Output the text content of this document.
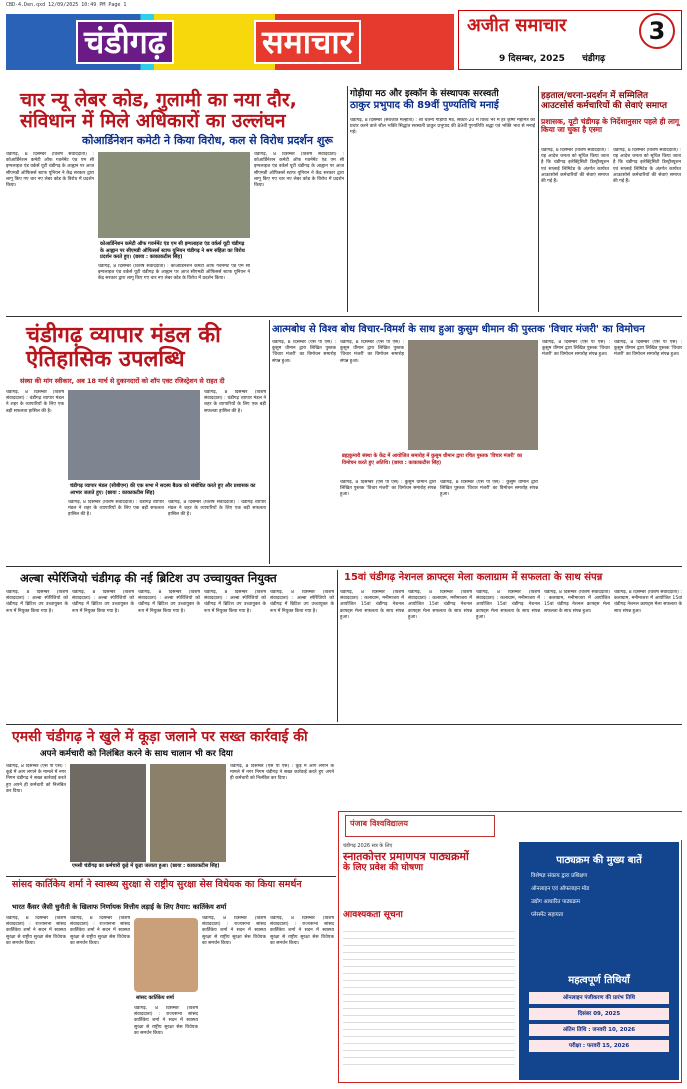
CBD-4.Den.qxd 12/09/2025 10:49 PM Page 1
चंडीगढ़	समाचार	अजीत समाचार	3
9 दिसम्बर, 2025 चंडीगढ़
चार न्यू लेबर कोड, गुलामी का नया दौर,
संविधान में मिले अधिकारों का उल्लंघन
कोआर्डिनेशन कमेटी ने किया विरोध, कल से विरोध प्रदर्शन शुरू
चंडीगढ़, 8 दिसम्बर (विशेष संवाददाता) : कोआर्डिनेशन कमेटी ऑफ गवर्नमेंट एंड एम सी इम्पलाइज एंड वर्कर्स यूटी चंडीगढ़ के आह्वान पर आज सीएमडी ऑफिसर्स स्टाफ यूनियन ने केंद्र सरकार द्वारा लागू किए गए चार नए लेबर कोड के विरोध में प्रदर्शन किया।
कोआर्डिनेशन कमेटी ऑफ गवर्नमेंट एंड एम सी इम्पलाइज एंड वर्कर्स यूटी चंडीगढ़ के आह्वान पर सीएमडी ऑफिसर्स स्टाफ यूनियन चंडीगढ़ ने श्रम संहिता का विरोध प्रदर्शन करते हुए। (छाया : काकाकटीस सिंह)
चंडीगढ़, 8 दिसम्बर (विशेष संवाददाता) : कोआर्डिनेशन कमेटी ऑफ गवर्नमेंट एंड एम सी इम्पलाइज एंड वर्कर्स यूटी चंडीगढ़ के आह्वान पर आज सीएमडी ऑफिसर्स स्टाफ यूनियन ने केंद्र सरकार द्वारा लागू किए गए चार नए लेबर कोड के विरोध में प्रदर्शन किया।
चंडीगढ़, 8 दिसम्बर (विशेष संवाददाता) : कोआर्डिनेशन कमेटी ऑफ गवर्नमेंट एंड एम सी इम्पलाइज एंड वर्कर्स यूटी चंडीगढ़ के आह्वान पर आज सीएमडी ऑफिसर्स स्टाफ यूनियन ने केंद्र सरकार द्वारा लागू किए गए चार नए लेबर कोड के विरोध में प्रदर्शन किया।
गोड़ीया मठ और इस्कॉन के संस्थापक सरस्वती
ठाकुर प्रभुपाद की 89वीं पुण्यतिथि मनाई
चंडीगढ़, 8 दिसम्बर (सर्वजीत मल्होत्रा) : श्री चैतन्य गौड़ीया मठ, सेक्टर-20 में विश्व भर में हरे कृष्ण महामंत्र का प्रचार करने वाले श्रील भक्ति सिद्धांत सरस्वती ठाकुर प्रभुपाद की 89वीं पुण्यतिथि श्रद्धा एवं भक्ति भाव से मनाई गई।
हड़ताल/धरना-प्रदर्शन में सम्मिलित
आउटसोर्स कर्मचारियों की सेवाएं समाप्त
प्रशासक, यूटी चंडीगढ़ के निर्देशानुसार पहले ही लागू किया जा चुका है एस्मा
चंडीगढ़, 8 दिसम्बर (विशेष संवाददाता) : यह आदेश जनता को सूचित किया जाता है कि चंडीगढ़ इलेक्ट्रिसिटी डिस्ट्रीब्यूशन एवं सप्लाई लिमिटेड के अंतर्गत कार्यरत आउटसोर्स कर्मचारियों की सेवाएं समाप्त की गई हैं।
चंडीगढ़, 8 दिसम्बर (विशेष संवाददाता) : यह आदेश जनता को सूचित किया जाता है कि चंडीगढ़ इलेक्ट्रिसिटी डिस्ट्रीब्यूशन एवं सप्लाई लिमिटेड के अंतर्गत कार्यरत आउटसोर्स कर्मचारियों की सेवाएं समाप्त की गई हैं।
चंडीगढ़ व्यापार मंडल की
ऐतिहासिक उपलब्धि
संस्था की मांग स्वीकार, अब 18 मार्च से दुकानदारों को शॉप एक्ट रजिस्ट्रेशन से राहत दी
चंडीगढ़, 8 दिसम्बर (विशेष संवाददाता) : चंडीगढ़ व्यापार मंडल ने शहर के व्यापारियों के लिए एक बड़ी सफलता हासिल की है।
चंडीगढ़, 8 दिसम्बर (विशेष संवाददाता) : चंडीगढ़ व्यापार मंडल ने शहर के व्यापारियों के लिए एक बड़ी सफलता हासिल की है।
चंडीगढ़ व्यापार मंडल (सीबीएम) की एक सभा में सदस्य बैठक को संबोधित करते हुए और प्रशासक का आभार जताते हुए। (छाया : काकाकटीस सिंह)
चंडीगढ़, 8 दिसम्बर (विशेष संवाददाता) : चंडीगढ़ व्यापार मंडल ने शहर के व्यापारियों के लिए एक बड़ी सफलता हासिल की है।
चंडीगढ़, 8 दिसम्बर (विशेष संवाददाता) : चंडीगढ़ व्यापार मंडल ने शहर के व्यापारियों के लिए एक बड़ी सफलता हासिल की है।
आत्मबोध से विश्व बोध विचार-विमर्श के साथ हुआ कुसुम धीमान की पुस्तक 'विचार मंजरी' का विमोचन
चंडीगढ़, 8 दिसम्बर (एस पी एस) : कुसुम धीमान द्वारा लिखित पुस्तक 'विचार मंजरी' का विमोचन समारोह संपन्न हुआ।
चंडीगढ़, 8 दिसम्बर (एस पी एस) : कुसुम धीमान द्वारा लिखित पुस्तक 'विचार मंजरी' का विमोचन समारोह संपन्न हुआ।
ब्रह्मकुमारी संस्था के केंद्र में आयोजित समारोह में कुसुम धीमान द्वारा रचित पुस्तक 'विचार मंजरी' का विमोचन करते हुए अतिथि। (छाया : काकाकटीस सिंह)
चंडीगढ़, 8 दिसम्बर (एस पी एस) : कुसुम धीमान द्वारा लिखित पुस्तक 'विचार मंजरी' का विमोचन समारोह संपन्न हुआ।
चंडीगढ़, 8 दिसम्बर (एस पी एस) : कुसुम धीमान द्वारा लिखित पुस्तक 'विचार मंजरी' का विमोचन समारोह संपन्न हुआ।
चंडीगढ़, 8 दिसम्बर (एस पी एस) : कुसुम धीमान द्वारा लिखित पुस्तक 'विचार मंजरी' का विमोचन समारोह संपन्न हुआ।
चंडीगढ़, 8 दिसम्बर (एस पी एस) : कुसुम धीमान द्वारा लिखित पुस्तक 'विचार मंजरी' का विमोचन समारोह संपन्न हुआ।
अल्बा स्पेरिंजियो चंडीगढ़ की नई ब्रिटिश उप उच्चायुक्त नियुक्त
चंडीगढ़, 8 दिसम्बर (विशेष संवाददाता) : अल्बा स्पेरिंजियो को चंडीगढ़ में ब्रिटिश उप उच्चायुक्त के रूप में नियुक्त किया गया है।
चंडीगढ़, 8 दिसम्बर (विशेष संवाददाता) : अल्बा स्पेरिंजियो को चंडीगढ़ में ब्रिटिश उप उच्चायुक्त के रूप में नियुक्त किया गया है।
चंडीगढ़, 8 दिसम्बर (विशेष संवाददाता) : अल्बा स्पेरिंजियो को चंडीगढ़ में ब्रिटिश उप उच्चायुक्त के रूप में नियुक्त किया गया है।
चंडीगढ़, 8 दिसम्बर (विशेष संवाददाता) : अल्बा स्पेरिंजियो को चंडीगढ़ में ब्रिटिश उप उच्चायुक्त के रूप में नियुक्त किया गया है।
चंडीगढ़, 8 दिसम्बर (विशेष संवाददाता) : अल्बा स्पेरिंजियो को चंडीगढ़ में ब्रिटिश उप उच्चायुक्त के रूप में नियुक्त किया गया है।
15वां चंडीगढ़ नेशनल क्राफ्ट्स मेला कलाग्राम में सफलता के साथ संपन्न
चंडीगढ़, 8 दिसम्बर (विशेष संवाददाता) : कलाग्राम, मनीमाजरा में आयोजित 15वां चंडीगढ़ नेशनल क्राफ्ट्स मेला सफलता के साथ संपन्न हुआ।
चंडीगढ़, 8 दिसम्बर (विशेष संवाददाता) : कलाग्राम, मनीमाजरा में आयोजित 15वां चंडीगढ़ नेशनल क्राफ्ट्स मेला सफलता के साथ संपन्न हुआ।
चंडीगढ़, 8 दिसम्बर (विशेष संवाददाता) : कलाग्राम, मनीमाजरा में आयोजित 15वां चंडीगढ़ नेशनल क्राफ्ट्स मेला सफलता के साथ संपन्न हुआ।
चंडीगढ़, 8 दिसम्बर (विशेष संवाददाता) : कलाग्राम, मनीमाजरा में आयोजित 15वां चंडीगढ़ नेशनल क्राफ्ट्स मेला सफलता के साथ संपन्न हुआ।
चंडीगढ़, 8 दिसम्बर (विशेष संवाददाता) : कलाग्राम, मनीमाजरा में आयोजित 15वां चंडीगढ़ नेशनल क्राफ्ट्स मेला सफलता के साथ संपन्न हुआ।
एमसी चंडीगढ़ ने खुले में कूड़ा जलाने पर सख्त कार्रवाई की
अपने कर्मचारी को निलंबित करने के साथ चालान भी कर दिया
चंडीगढ़, 8 दिसम्बर (एस पी एस) : कूड़े में आग लगाने के मामले में नगर निगम चंडीगढ़ ने सख्त कार्रवाई करते हुए अपने ही कर्मचारी को निलंबित कर दिया।
एमसी चंडीगढ़ का कर्मचारी कूड़े में कूड़ा जलाता हुआ। (छाया : काकाकटीस सिंह)
चंडीगढ़, 8 दिसम्बर (एस पी एस) : कूड़े में आग लगाने के मामले में नगर निगम चंडीगढ़ ने सख्त कार्रवाई करते हुए अपने ही कर्मचारी को निलंबित कर दिया।
सांसद कार्तिकेय शर्मा ने स्वास्थ्य सुरक्षा से राष्ट्रीय सुरक्षा सेस विधेयक का किया समर्थन
भारत कैंसर जैसी चुनौती के खिलाफ निर्णायक वित्तीय लड़ाई के लिए तैयार: कार्तिकेय शर्मा
चंडीगढ़, 8 दिसम्बर (विशेष संवाददाता) : राज्यसभा सांसद कार्तिकेय शर्मा ने सदन में स्वास्थ्य सुरक्षा से राष्ट्रीय सुरक्षा सेस विधेयक का समर्थन किया।
चंडीगढ़, 8 दिसम्बर (विशेष संवाददाता) : राज्यसभा सांसद कार्तिकेय शर्मा ने सदन में स्वास्थ्य सुरक्षा से राष्ट्रीय सुरक्षा सेस विधेयक का समर्थन किया।
सांसद कार्तिकेय शर्मा
चंडीगढ़, 8 दिसम्बर (विशेष संवाददाता) : राज्यसभा सांसद कार्तिकेय शर्मा ने सदन में स्वास्थ्य सुरक्षा से राष्ट्रीय सुरक्षा सेस विधेयक का समर्थन किया।
चंडीगढ़, 8 दिसम्बर (विशेष संवाददाता) : राज्यसभा सांसद कार्तिकेय शर्मा ने सदन में स्वास्थ्य सुरक्षा से राष्ट्रीय सुरक्षा सेस विधेयक का समर्थन किया।
चंडीगढ़, 8 दिसम्बर (विशेष संवाददाता) : राज्यसभा सांसद कार्तिकेय शर्मा ने सदन में स्वास्थ्य सुरक्षा से राष्ट्रीय सुरक्षा सेस विधेयक का समर्थन किया।
पंजाब विश्वविद्यालय
चंडीगढ़ 2026 सत्र के लिए
स्नातकोत्तर प्रमाणपत्र पाठ्यक्रमों
के लिए प्रवेश की घोषणा
आवश्यकता सूचना
पाठ्यक्रम की मुख्य बातें
विशेषज्ञ संकाय द्वारा प्रशिक्षण
ऑनलाइन एवं ऑफलाइन मोड
उद्योग आधारित पाठ्यक्रम
प्लेसमेंट सहायता
महत्वपूर्ण तिथियाँ
ऑनलाइन पंजीकरण की प्रारंभ तिथि
दिसंबर 09, 2025
अंतिम तिथि : जनवरी 10, 2026
परीक्षा : फरवरी 15, 2026
